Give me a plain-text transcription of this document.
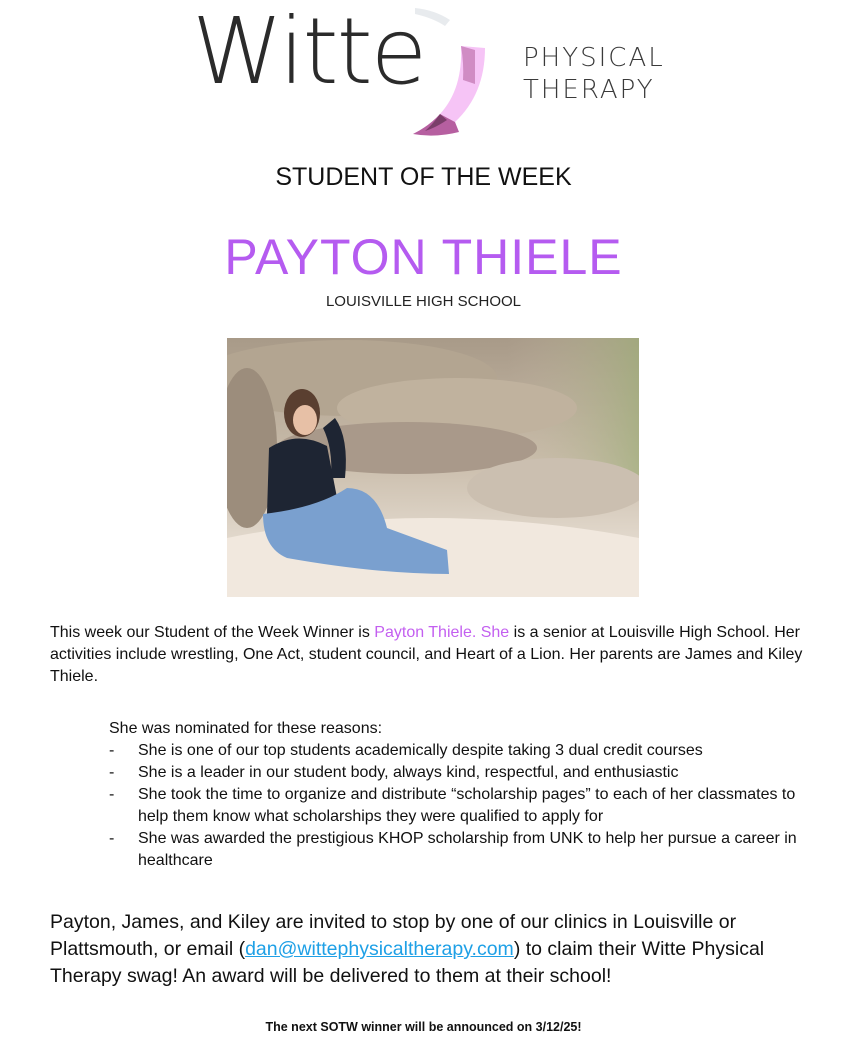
Witte	PHYSICAL
THERAPY
STUDENT OF THE WEEK
PAYTON THIELE
LOUISVILLE HIGH SCHOOL
This week our Student of the Week Winner is Payton Thiele. She is a senior at Louisville High School. Her activities include wrestling, One Act, student council, and Heart of a Lion. Her parents are James and Kiley Thiele.
She was nominated for these reasons:
- She is one of our top students academically despite taking 3 dual credit courses
- She is a leader in our student body, always kind, respectful, and enthusiastic
- She took the time to organize and distribute “scholarship pages” to each of her classmates to help them know what scholarships they were qualified to apply for
- She was awarded the prestigious KHOP scholarship from UNK to help her pursue a career in healthcare
Payton, James, and Kiley are invited to stop by one of our clinics in Louisville or Plattsmouth, or email (dan@wittephysicaltherapy.com) to claim their Witte Physical Therapy swag! An award will be delivered to them at their school!
The next SOTW winner will be announced on 3/12/25!
